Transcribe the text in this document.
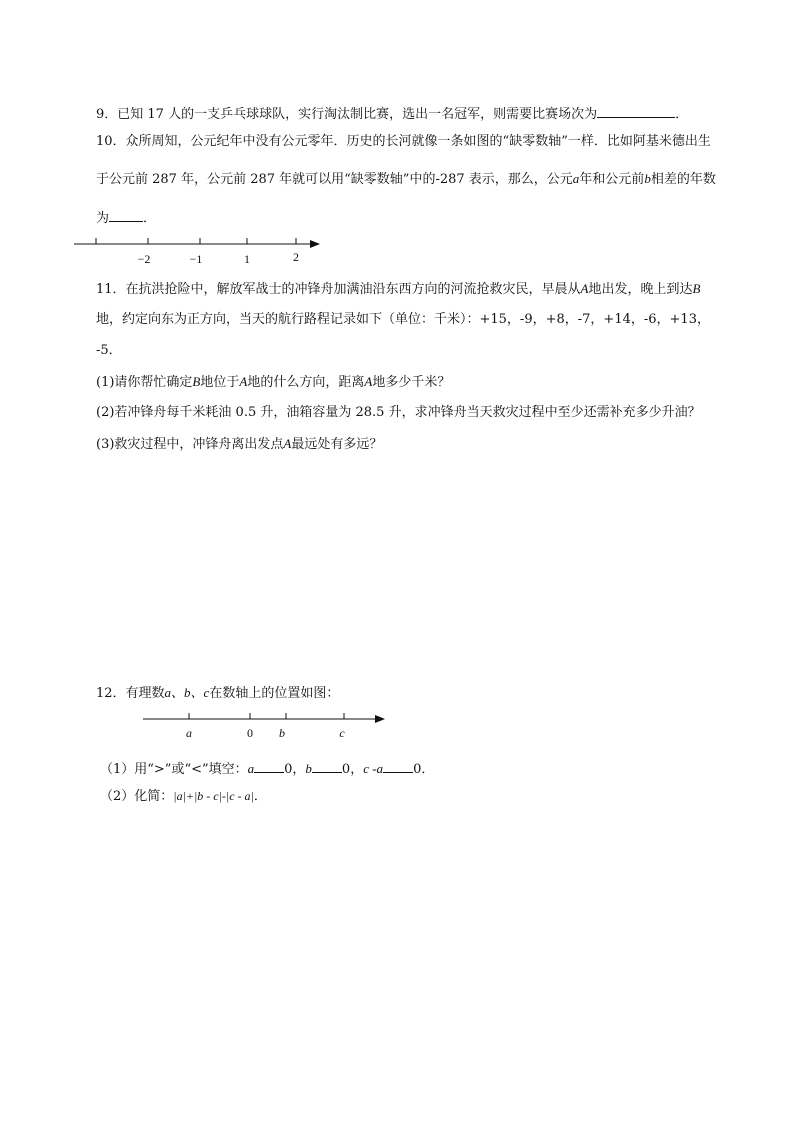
9．已知 17 人的一支乒乓球球队，实行淘汰制比赛，选出一名冠军，则需要比赛场次为	．
10．众所周知，公元纪年中没有公元零年．历史的长河就像一条如图的“缺零数轴”一样．比如阿基米德出生
于公元前 287 年，公元前 287 年就可以用“缺零数轴”中的-287 表示，那么，公元a年和公元前b相差的年数
为	．
−2	−1	1	2
11．在抗洪抢险中，解放军战士的冲锋舟加满油沿东西方向的河流抢救灾民，早晨从A地出发，晚上到达B
地，约定向东为正方向，当天的航行路程记录如下（单位：千米）：+15，-9，+8，-7，+14，-6，+13，
-5．
(1)请你帮忙确定B地位于A地的什么方向，距离A地多少千米？
(2)若冲锋舟每千米耗油 0.5 升，油箱容量为 28.5 升，求冲锋舟当天救灾过程中至少还需补充多少升油？
(3)救灾过程中，冲锋舟离出发点A最远处有多远？
12．有理数a、b、c在数轴上的位置如图：
a	0 b	c
（1）用“>”或“<”填空：a 0，b 0，c -a 0．
（2）化简：|a|+|b - c|-|c - a|．
